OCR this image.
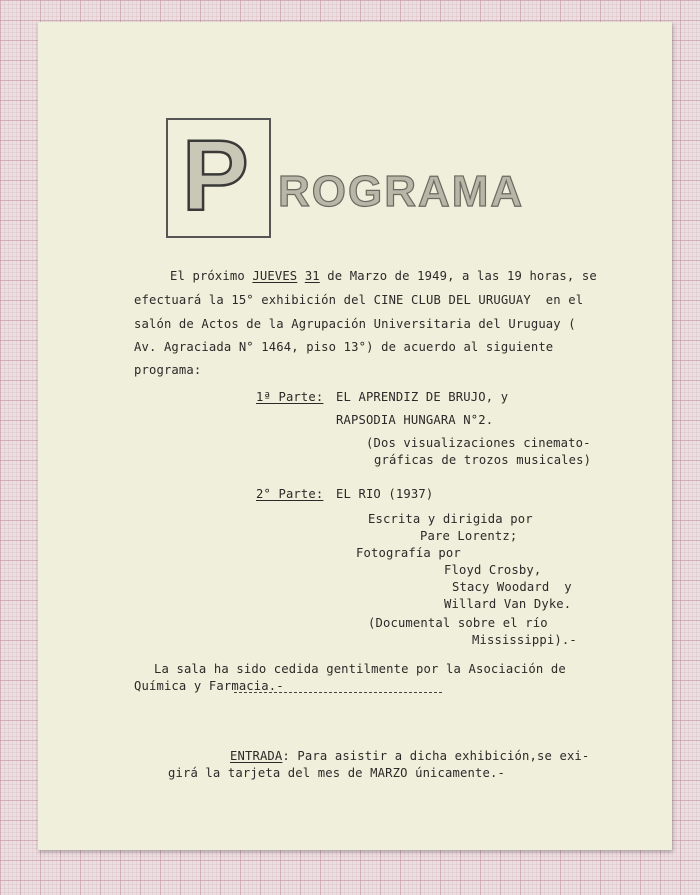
P ROGRAMA
El próximo JUEVES 31 de Marzo de 1949, a las 19 horas, se
efectuará la 15° exhibición del CINE CLUB DEL URUGUAY  en el
salón de Actos de la Agrupación Universitaria del Uruguay (
Av. Agraciada N° 1464, piso 13°) de acuerdo al siguiente
programa:
1ª Parte: EL APRENDIZ DE BRUJO, y
RAPSODIA HUNGARA N°2.
(Dos visualizaciones cinemato-
gráficas de trozos musicales)
2° Parte: EL RIO (1937)
Escrita y dirigida por
Pare Lorentz;
Fotografía por
Floyd Crosby,
Stacy Woodard  y
Willard Van Dyke.
(Documental sobre el río
Mississippi).-
La sala ha sido cedida gentilmente por la Asociación de
Química y Farmacia.-
ENTRADA: Para asistir a dicha exhibición,se exi-
girá la tarjeta del mes de MARZO únicamente.-
